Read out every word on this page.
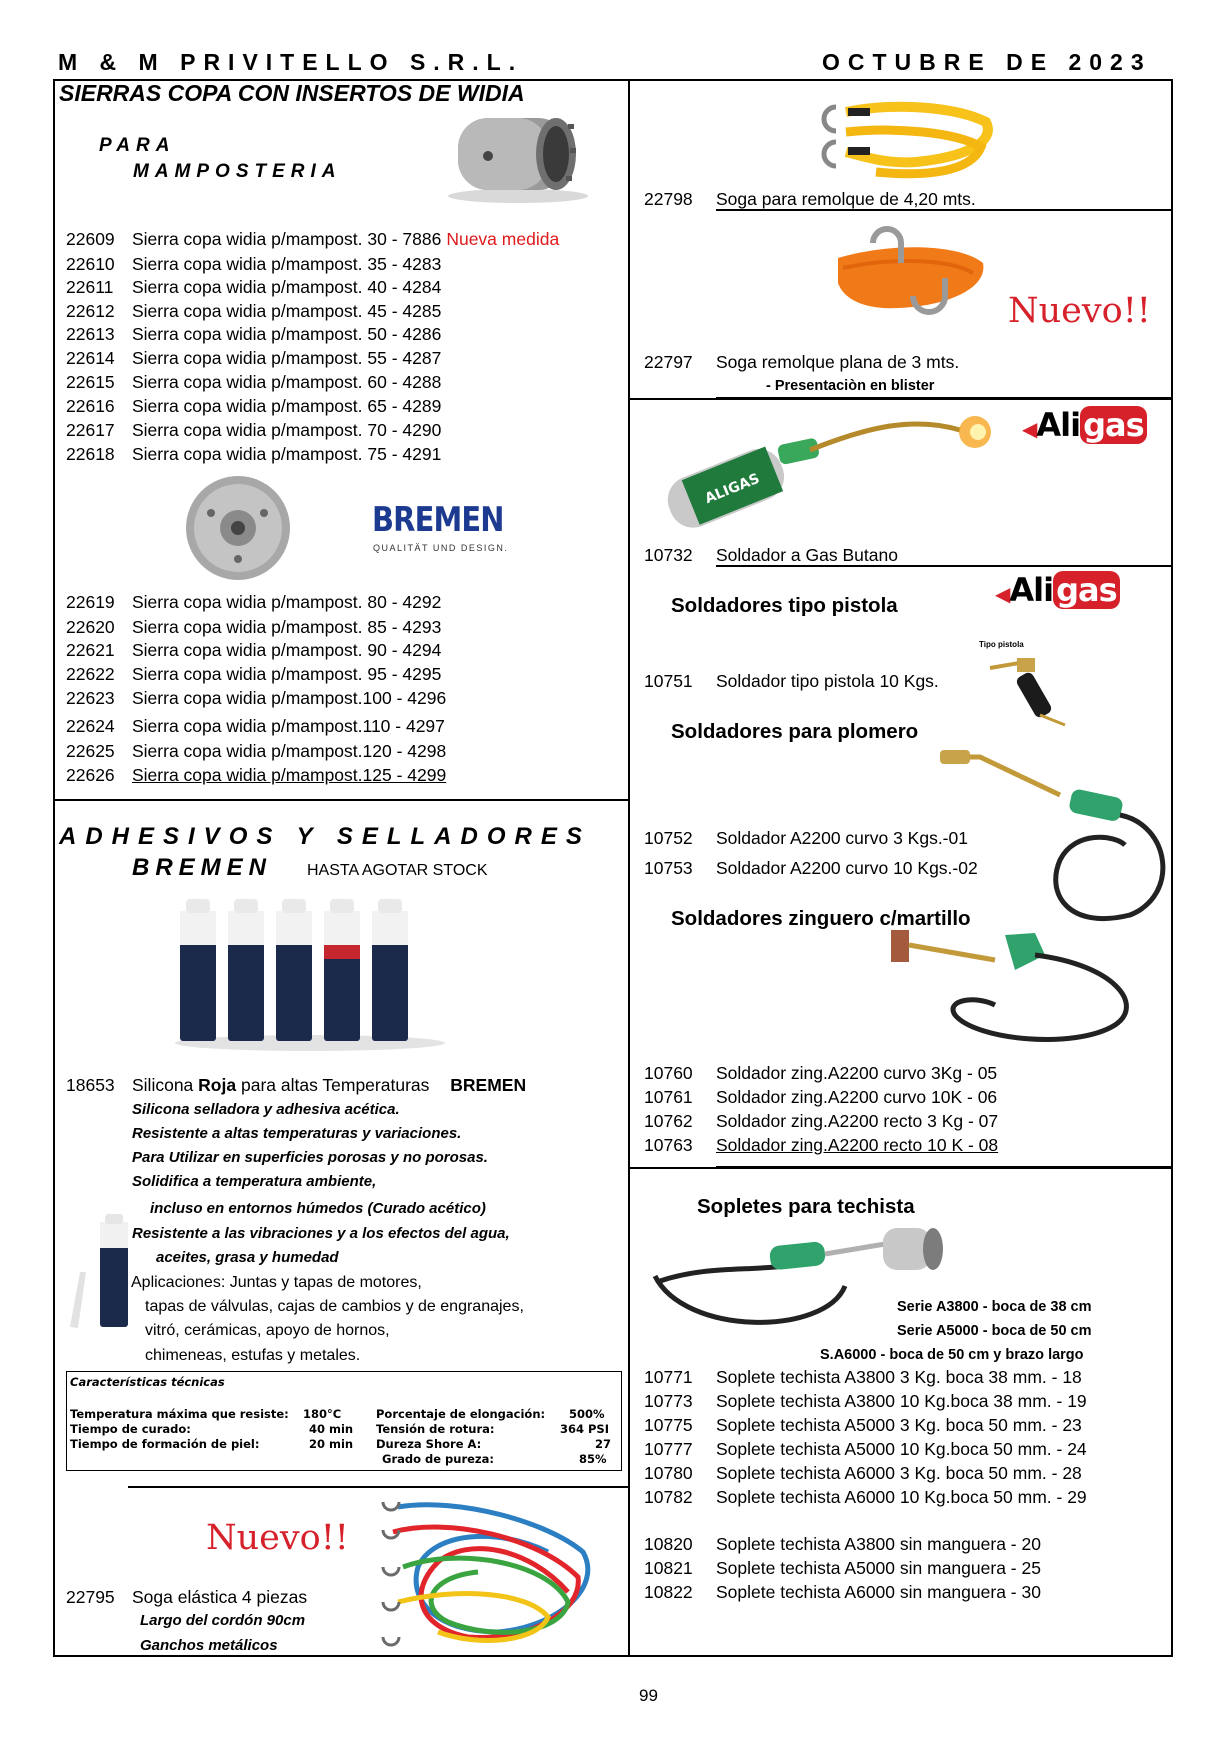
M & M PRIVITELLO S.R.L.	OCTUBRE DE 2023
SIERRAS COPA CON INSERTOS DE WIDIA
PARA
MAMPOSTERIA
22609 Sierra copa widia p/mampost. 30 - 7886 Nueva medida
22610 Sierra copa widia p/mampost. 35 - 4283
22611 Sierra copa widia p/mampost. 40 - 4284
22612 Sierra copa widia p/mampost. 45 - 4285
22613 Sierra copa widia p/mampost. 50 - 4286
22614 Sierra copa widia p/mampost. 55 - 4287
22615 Sierra copa widia p/mampost. 60 - 4288
22616 Sierra copa widia p/mampost. 65 - 4289
22617 Sierra copa widia p/mampost. 70 - 4290
22618 Sierra copa widia p/mampost. 75 - 4291
BREMEN
QUALITÄT UND DESIGN.
22619 Sierra copa widia p/mampost. 80 - 4292
22620 Sierra copa widia p/mampost. 85 - 4293
22621 Sierra copa widia p/mampost. 90 - 4294
22622 Sierra copa widia p/mampost. 95 - 4295
22623 Sierra copa widia p/mampost.100 - 4296
22624 Sierra copa widia p/mampost.110 - 4297
22625 Sierra copa widia p/mampost.120 - 4298
22626 Sierra copa widia p/mampost.125 - 4299
ADHESIVOS Y SELLADORES
BREMEN HASTA AGOTAR STOCK
18653 Silicona Roja para altas Temperaturas BREMEN
Silicona selladora y adhesiva acética.
Resistente a altas temperaturas y variaciones.
Para Utilizar en superficies porosas y no porosas.
Solidifica a temperatura ambiente,
incluso en entornos húmedos (Curado acético)
Resistente a las vibraciones y a los efectos del agua,
aceites, grasa y humedad
Aplicaciones: Juntas y tapas de motores,
tapas de válvulas, cajas de cambios y de engranajes,
vitró, cerámicas, apoyo de hornos,
chimeneas, estufas y metales.
Características técnicas
Temperatura máxima que resiste: 180°C
Tiempo de curado:	40 min
Tiempo de formación de piel:	20 min
Porcentaje de elongación: 500%
Tensión de rotura:	364 PSI
Dureza Shore A:	27
Grado de pureza:	85%
Nuevo!!
22795 Soga elástica 4 piezas
Largo del cordón 90cm
Ganchos metálicos
22798 Soga para remolque de 4,20 mts.
Nuevo!!
22797 Soga remolque plana de 3 mts.
- Presentaciòn en blister
◀Aligas
ALIGAS
10732 Soldador a Gas Butano
Soldadores tipo pistola	◀Aligas
Tipo pistola
10751 Soldador tipo pistola 10 Kgs.
Soldadores para plomero
10752 Soldador A2200 curvo 3 Kgs.-01
10753 Soldador A2200 curvo 10 Kgs.-02
Soldadores zinguero c/martillo
10760 Soldador zing.A2200 curvo 3Kg - 05
10761 Soldador zing.A2200 curvo 10K - 06
10762 Soldador zing.A2200 recto 3 Kg - 07
10763 Soldador zing.A2200 recto 10 K - 08
Sopletes para techista
Serie A3800 - boca de 38 cm
Serie A5000 - boca de 50 cm
S.A6000 - boca de 50 cm y brazo largo
10771 Soplete techista A3800 3 Kg. boca 38 mm. - 18
10773 Soplete techista A3800 10 Kg.boca 38 mm. - 19
10775 Soplete techista A5000 3 Kg. boca 50 mm. - 23
10777 Soplete techista A5000 10 Kg.boca 50 mm. - 24
10780 Soplete techista A6000 3 Kg. boca 50 mm. - 28
10782 Soplete techista A6000 10 Kg.boca 50 mm. - 29
10820 Soplete techista A3800 sin manguera - 20
10821 Soplete techista A5000 sin manguera - 25
10822 Soplete techista A6000 sin manguera - 30
99
